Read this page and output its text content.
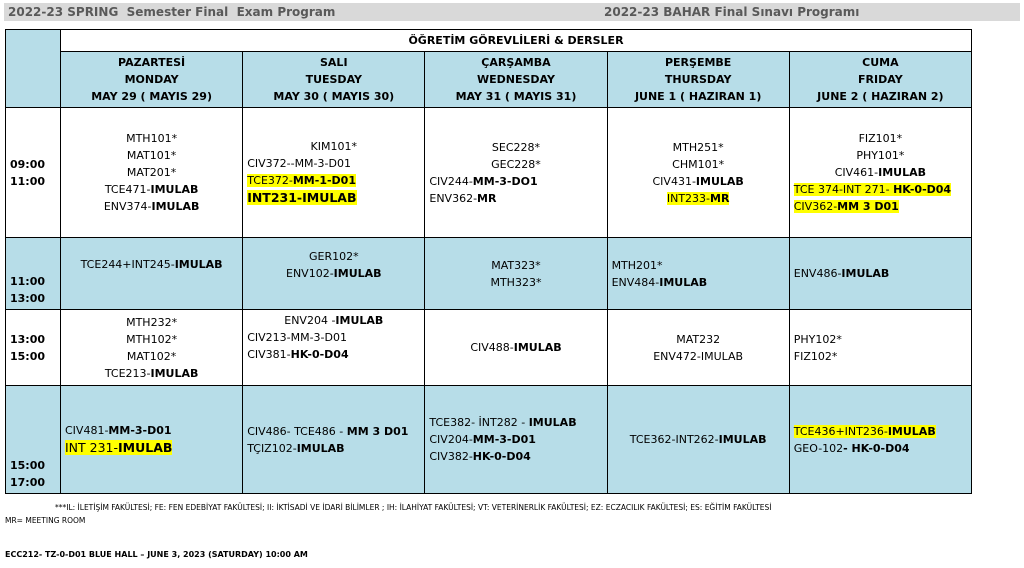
2022-23 SPRING  Semester Final  Exam Program	2022-23 BAHAR Final Sınavı Programı
	ÖĞRETİM GÖREVLİLERİ & DERSLER				

	PAZARTESİ
MONDAY
MAY 29 ( MAYIS 29)	SALI
TUESDAY
MAY 30 ( MAYIS 30)	ÇARŞAMBA
WEDNESDAY
MAY 31 ( MAYIS 31)	PERŞEMBE
THURSDAY
JUNE 1 ( HAZIRAN 1)	CUMA
FRIDAY
JUNE 2 ( HAZIRAN 2)

09:00
11:00	MTH101*
MAT101*
MAT201*
TCE471-IMULAB
ENV374-IMULAB	KIM101*
CIV372--MM-3-D01
TCE372-MM-1-D01
INT231-IMULAB	SEC228*
GEC228*
CIV244-MM-3-DO1
ENV362-MR	MTH251*
CHM101*
CIV431-IMULAB
INT233-MR	FIZ101*
PHY101*
CIV461-IMULAB
TCE 374-INT 271- HK-0-D04
CIV362-MM 3 D01

11:00
13:00	TCE244+INT245-IMULAB	GER102*
ENV102-IMULAB	MAT323*
MTH323*	MTH201*
ENV484-IMULAB	ENV486-IMULAB

13:00
15:00	MTH232*
MTH102*
MAT102*
TCE213-IMULAB	ENV204 -IMULAB
CIV213-MM-3-D01
CIV381-HK-0-D04	CIV488-IMULAB	MAT232
ENV472-IMULAB	PHY102*
FIZ102*

15:00
17:00	CIV481-MM-3-D01
INT 231-IMULAB	CIV486- TCE486 - MM 3 D01
TÇIZ102-IMULAB	TCE382- İNT282 - IMULAB
CIV204-MM-3-D01
CIV382-HK-0-D04	TCE362-INT262-IMULAB	TCE436+INT236-IMULAB
GEO-102- HK-0-D04
***IL: İLETİŞİM FAKÜLTESİ; FE: FEN EDEBİYAT FAKÜLTESİ; II: İKTİSADİ VE İDARİ BİLİMLER ; IH: İLAHİYAT FAKÜLTESİ; VT: VETERİNERLİK FAKÜLTESİ; EZ: ECZACILIK FAKÜLTESİ; ES: EĞİTİM FAKÜLTESİ
MR= MEETING ROOM
ECC212- TZ-0-D01 BLUE HALL – JUNE 3, 2023 (SATURDAY) 10:00 AM
